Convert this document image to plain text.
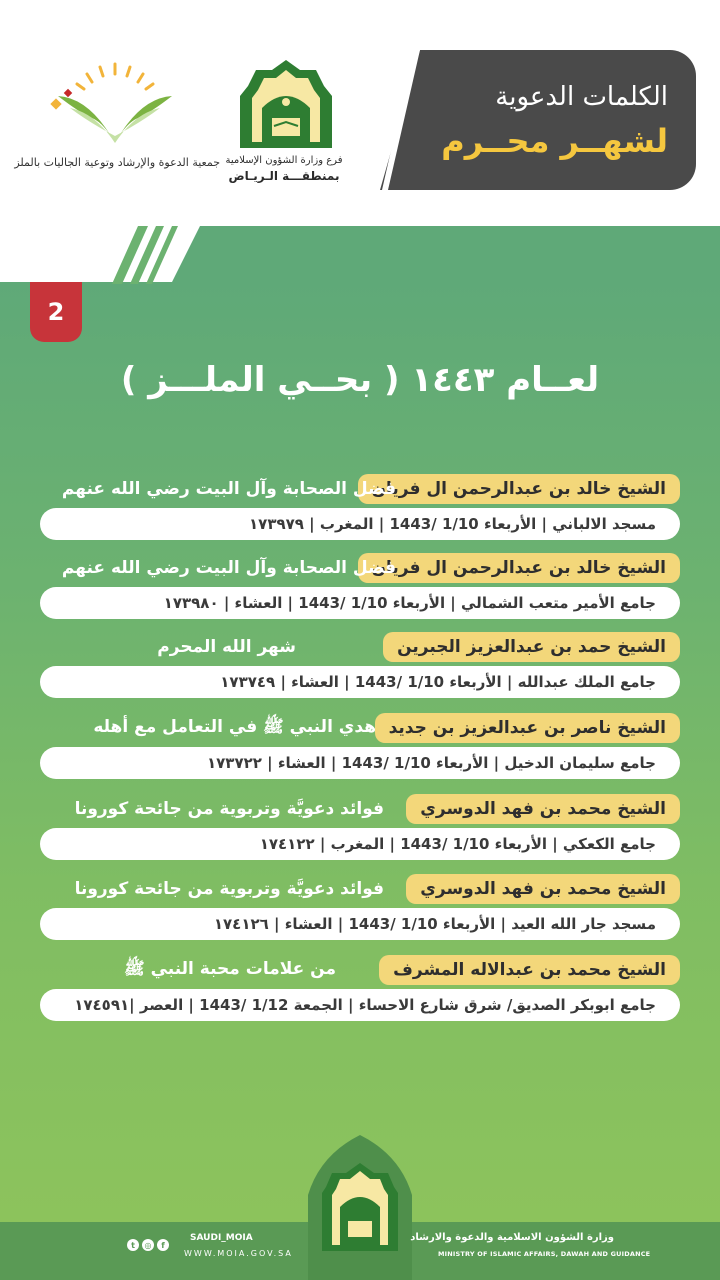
جمعية الدعوة والإرشاد وتوعية الجاليات بالملز فرع وزارة الشؤون الإسلامية
بمنطقـــة الـريـاض
الكلمات الدعوية
لشهــر محــرم
2
لعــام ١٤٤٣ ( بحــي الملـــز )
الشيخ خالد بن عبدالرحمن ال فريان
فضل الصحابة وآل البيت رضي الله عنهم
مسجد الالباني | الأربعاء 1/10 /1443 | المغرب | ١٧٣٩٧٩
الشيخ خالد بن عبدالرحمن ال فريان
فضل الصحابة وآل البيت رضي الله عنهم
جامع الأمير متعب الشمالي | الأربعاء 1/10 /1443 | العشاء | ١٧٣٩٨٠
الشيخ حمد بن عبدالعزيز الجبرين
شهر الله المحرم
جامع الملك عبدالله | الأربعاء 1/10 /1443 | العشاء | ١٧٣٧٤٩
الشيخ ناصر بن عبدالعزيز بن جديد
هدي النبي ﷺ في التعامل مع أهله
جامع سليمان الدخيل | الأربعاء 1/10 /1443 | العشاء | ١٧٣٧٢٢
الشيخ محمد بن فهد الدوسري
فوائد دعويَّة وتربوية من جائحة كورونا
جامع الكعكي | الأربعاء 1/10 /1443 | المغرب | ١٧٤١٢٢
الشيخ محمد بن فهد الدوسري
فوائد دعويَّة وتربوية من جائحة كورونا
مسجد جار الله العيد | الأربعاء 1/10 /1443 | العشاء | ١٧٤١٢٦
الشيخ محمد بن عبدالاله المشرف
من علامات محبة النبي ﷺ
جامع ابوبكر الصديق/ شرق شارع الاحساء | الجمعة 1/12 /1443 | العصر |١٧٤٥٩١
وزارة الشؤون الاسلامية والدعوة والارشاد
MINISTRY OF ISLAMIC AFFAIRS, DAWAH AND GUIDANCE
SAUDI_MOIA
WWW.MOIA.GOV.SA
t	◎	f
